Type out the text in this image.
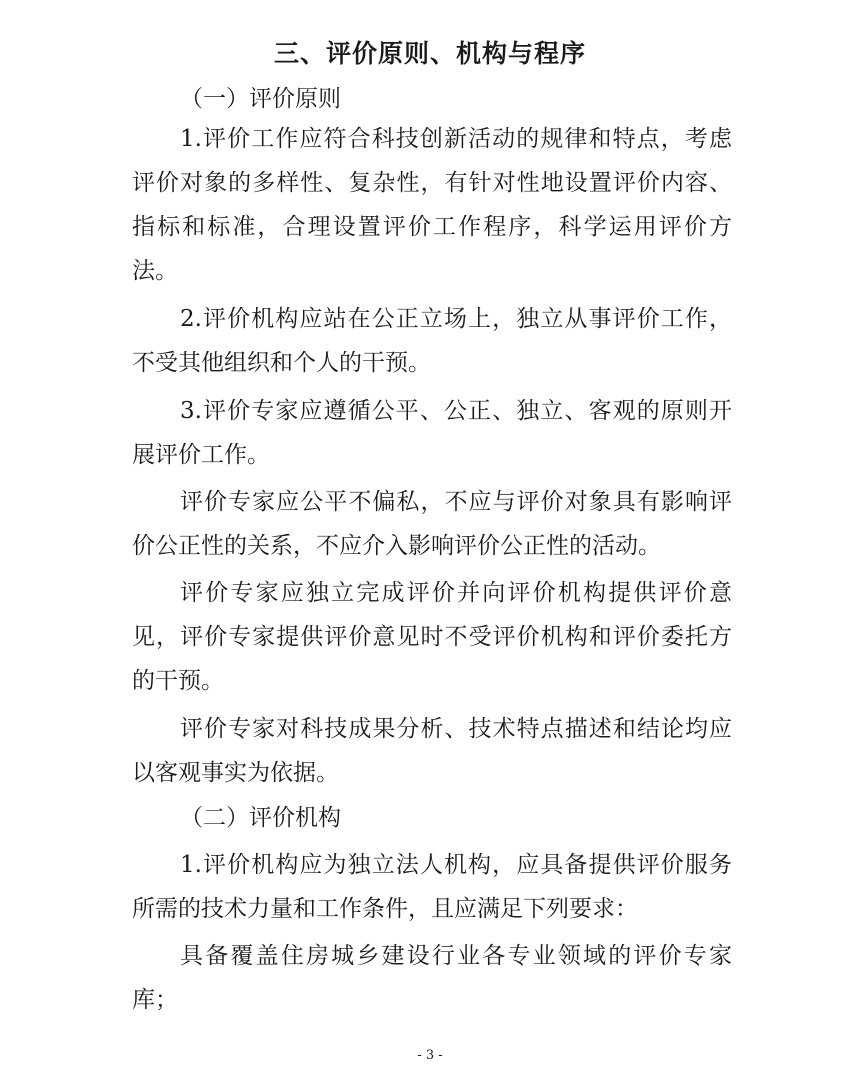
三、评价原则、机构与程序

（一）评价原则

1.评价工作应符合科技创新活动的规律和特点，考虑

评价对象的多样性、复杂性，有针对性地设置评价内容、

指标和标准，合理设置评价工作程序，科学运用评价方

法。

2.评价机构应站在公正立场上，独立从事评价工作，

不受其他组织和个人的干预。

3.评价专家应遵循公平、公正、独立、客观的原则开

展评价工作。

评价专家应公平不偏私，不应与评价对象具有影响评

价公正性的关系，不应介入影响评价公正性的活动。

评价专家应独立完成评价并向评价机构提供评价意

见，评价专家提供评价意见时不受评价机构和评价委托方

的干预。

评价专家对科技成果分析、技术特点描述和结论均应

以客观事实为依据。

（二）评价机构

1.评价机构应为独立法人机构，应具备提供评价服务

所需的技术力量和工作条件，且应满足下列要求：

具备覆盖住房城乡建设行业各专业领域的评价专家

库；

- 3 -
